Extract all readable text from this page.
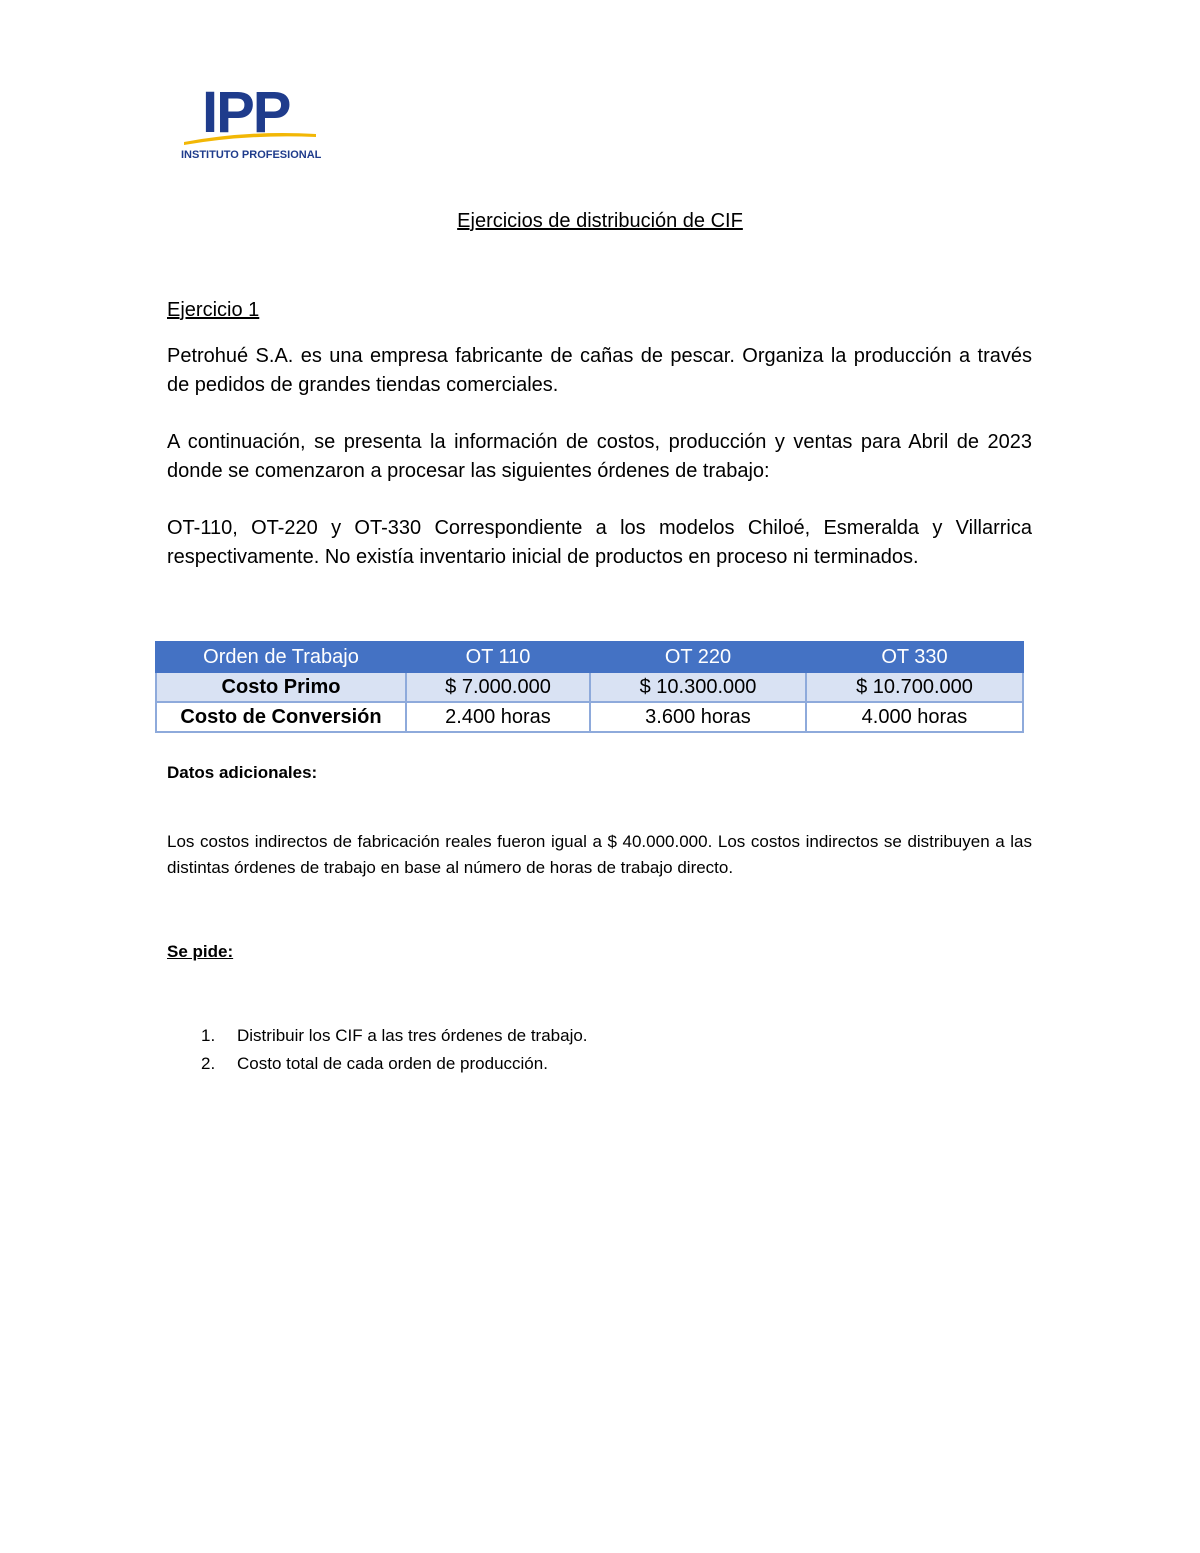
IPP
INSTITUTO PROFESIONAL
Ejercicios de distribución de CIF
Ejercicio 1
Petrohué S.A. es una empresa fabricante de cañas de pescar. Organiza la producción a través de pedidos de grandes tiendas comerciales.
A continuación, se presenta la información de costos, producción y ventas para Abril de 2023 donde se comenzaron a procesar las siguientes órdenes de trabajo:
OT-110, OT-220 y OT-330 Correspondiente a los modelos Chiloé, Esmeralda y Villarrica respectivamente. No existía inventario inicial de productos en proceso ni terminados.
Orden de Trabajo	OT 110	OT 220	OT 330
Costo Primo	$ 7.000.000	$ 10.300.000	$ 10.700.000
Costo de Conversión	2.400 horas	3.600 horas	4.000 horas
Datos adicionales:
Los costos indirectos de fabricación reales fueron igual a $ 40.000.000. Los costos indirectos se distribuyen a las distintas órdenes de trabajo en base al número de horas de trabajo directo.
Se pide:
1.	Distribuir los CIF a las tres órdenes de trabajo.
2.	Costo total de cada orden de producción.
